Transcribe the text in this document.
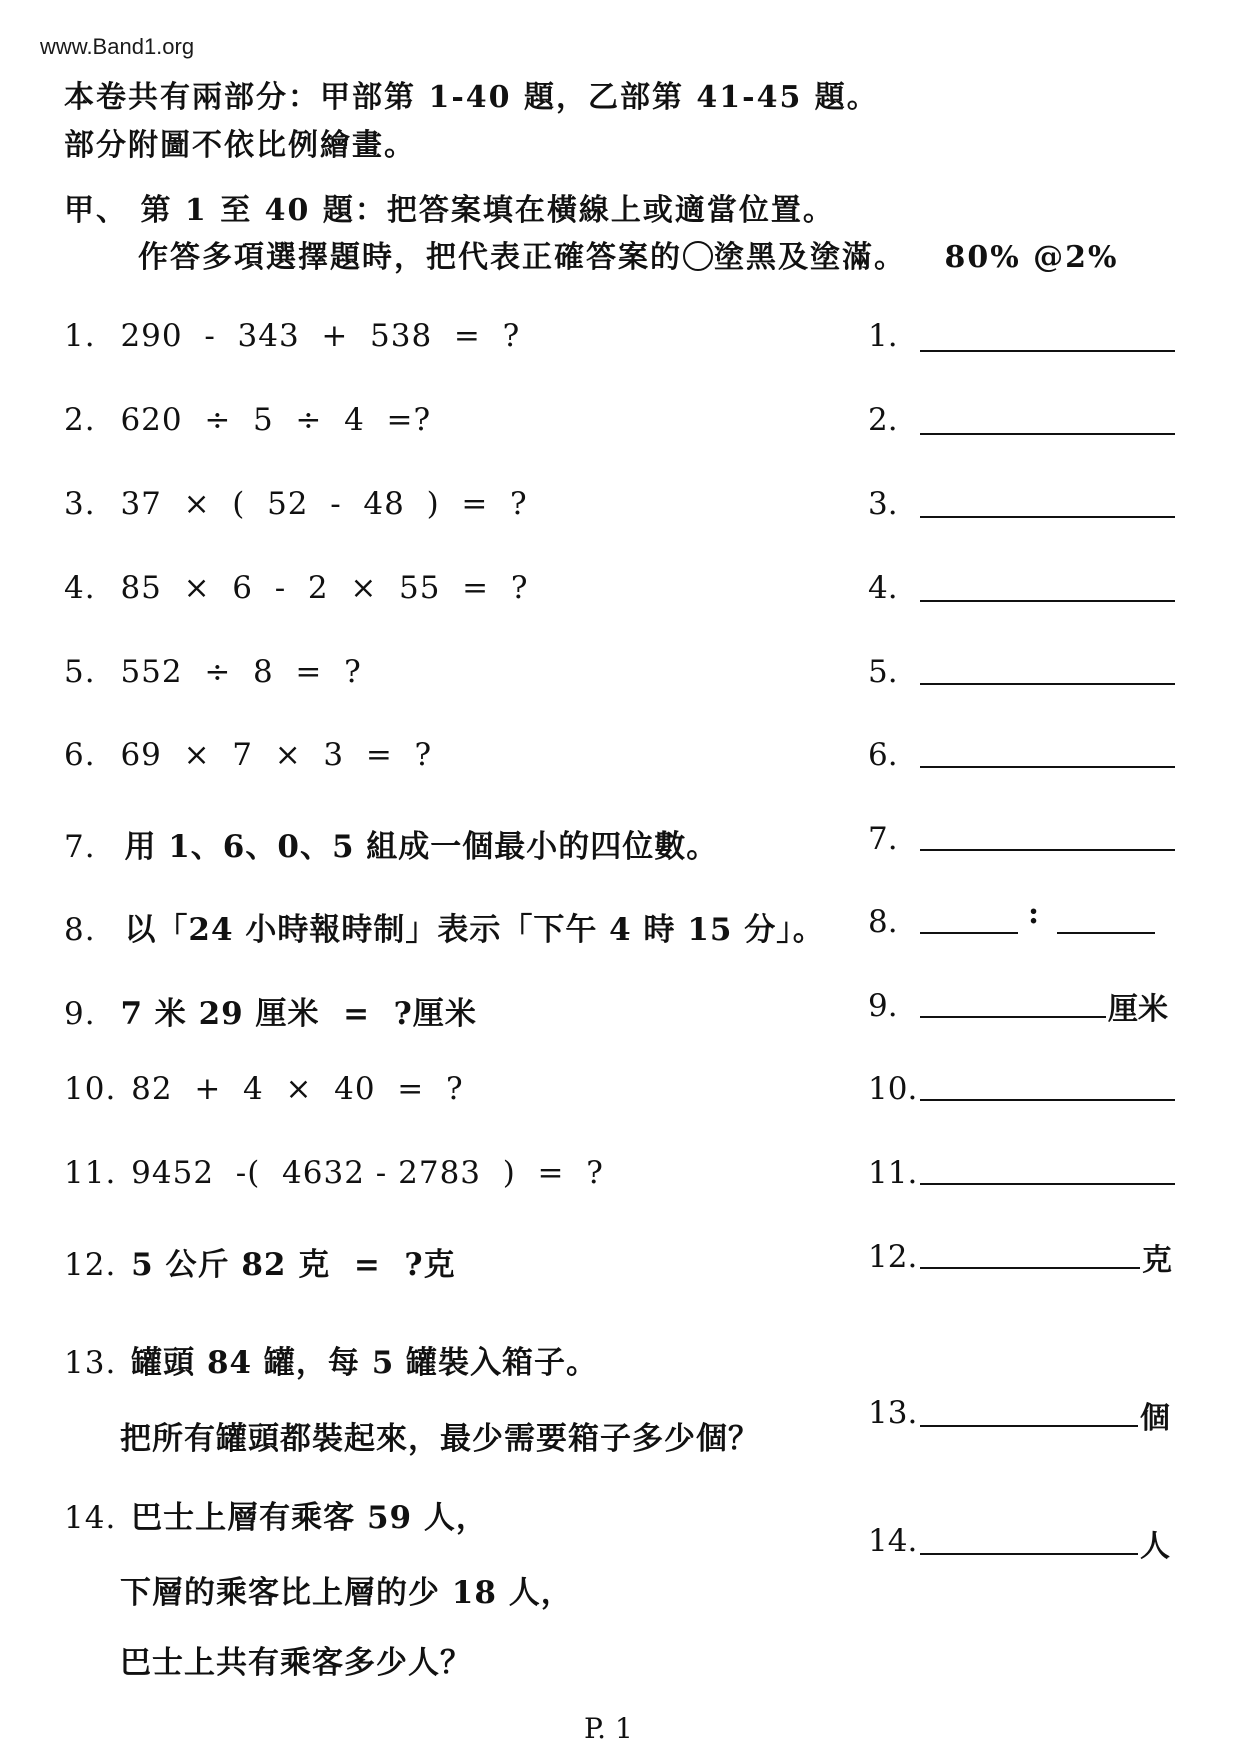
www.Band1.org
本卷共有兩部分：甲部第 1-40 題，乙部第 41-45 題。
部分附圖不依比例繪畫。
甲、 第 1 至 40 題：把答案填在橫線上或適當位置。
作答多項選擇題時，把代表正確答案的 塗黑及塗滿。 80% @2%
1. 290  -  343  +  538  =  ?	1.
2. 620  ÷  5  ÷  4  =?	2.
3. 37  ×  (  52  -  48  )  =  ?	3.
4. 85  ×  6  -  2  ×  55  =  ?	4.
5. 552  ÷  8  =  ?	5.
6. 69  ×  7  ×  3  =  ?	6.
7. 用 1、6、0、5 組成一個最小的四位數。	7.
8. 以「24 小時報時制」表示「下午 4 時 15 分」。 8.	:
9. 7 米 29 厘米  =  ?厘米	9.	厘米
10. 82  +  4  ×  40  =  ?	10.
11. 9452  -(  4632 - 2783  )  =  ?	11.
12. 5 公斤 82 克  =  ?克	12.	克
13. 罐頭 84 罐，每 5 罐裝入箱子。
把所有罐頭都裝起來，最少需要箱子多少個？
13.	個
14. 巴士上層有乘客 59 人，
下層的乘客比上層的少 18 人，
巴士上共有乘客多少人？
14.	人
P. 1
